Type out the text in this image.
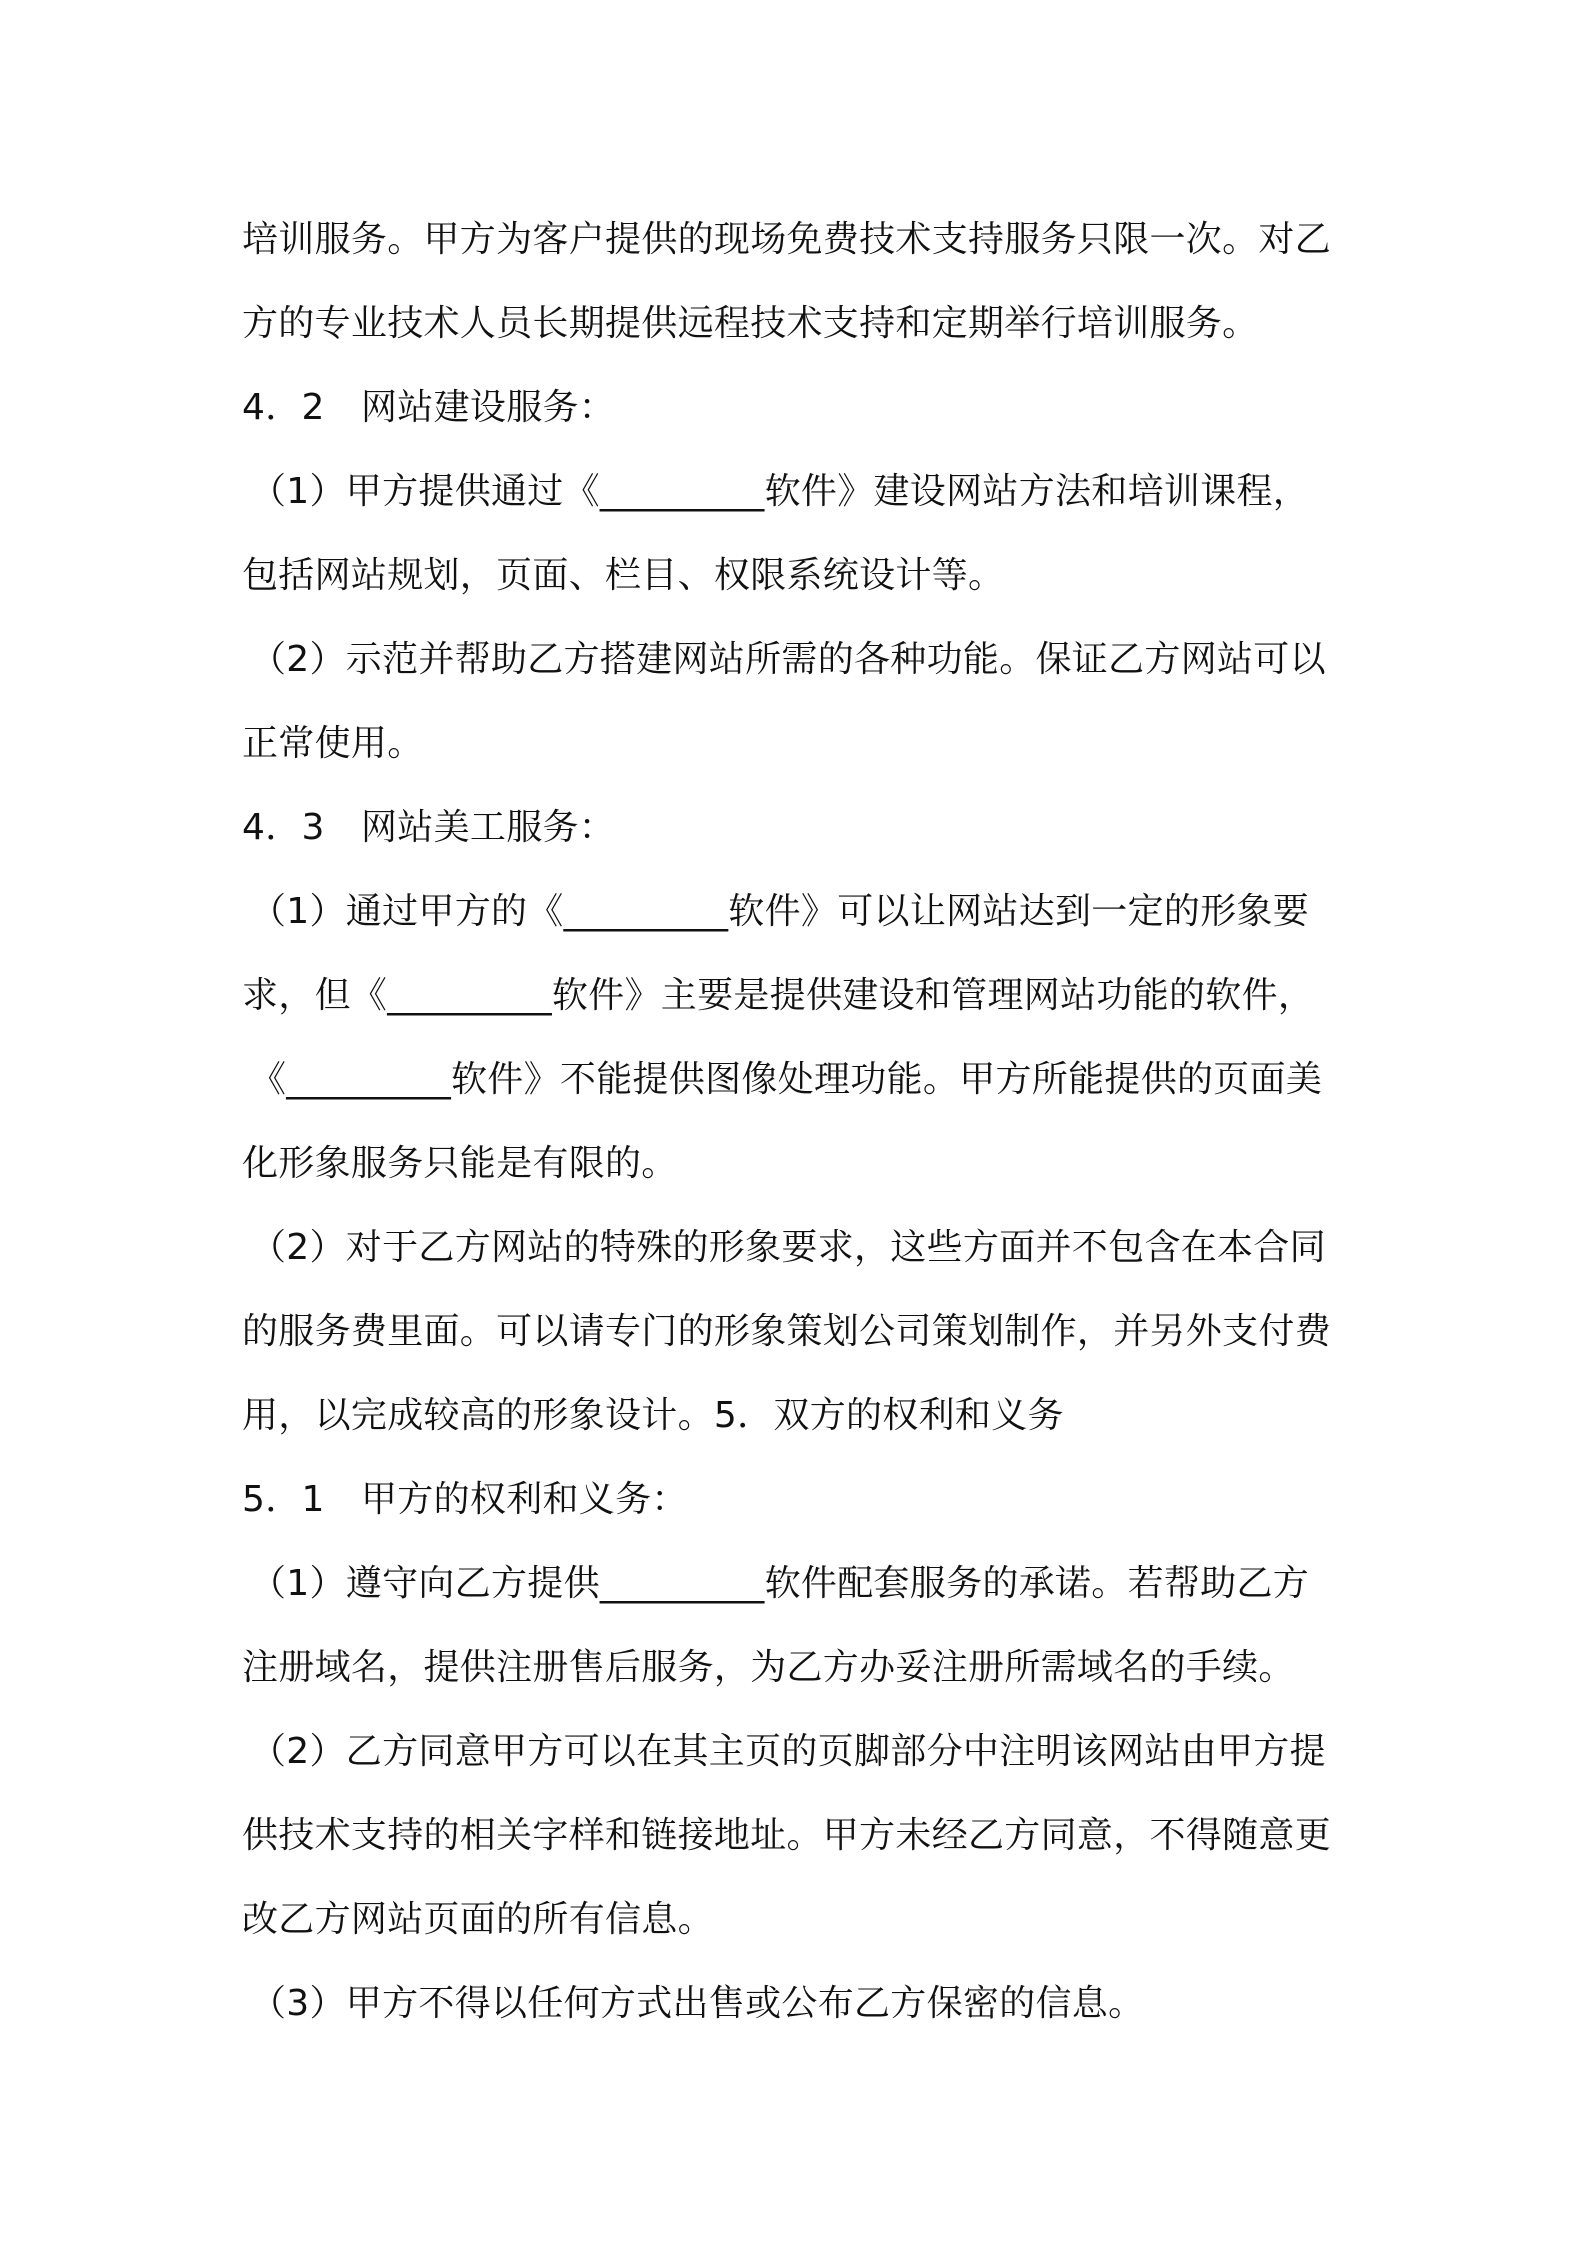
培训服务。甲方为客户提供的现场免费技术支持服务只限一次。对乙
方的专业技术人员长期提供远程技术支持和定期举行培训服务。
4．2　网站建设服务：
（1）甲方提供通过《_________软件》建设网站方法和培训课程，
包括网站规划，页面、栏目、权限系统设计等。
（2）示范并帮助乙方搭建网站所需的各种功能。保证乙方网站可以
正常使用。
4．3　网站美工服务：
（1）通过甲方的《_________软件》可以让网站达到一定的形象要
求，但《_________软件》主要是提供建设和管理网站功能的软件，
《_________软件》不能提供图像处理功能。甲方所能提供的页面美
化形象服务只能是有限的。
（2）对于乙方网站的特殊的形象要求，这些方面并不包含在本合同
的服务费里面。可以请专门的形象策划公司策划制作，并另外支付费
用，以完成较高的形象设计。5．双方的权利和义务
5．1　甲方的权利和义务：
（1）遵守向乙方提供_________软件配套服务的承诺。若帮助乙方
注册域名，提供注册售后服务，为乙方办妥注册所需域名的手续。
（2）乙方同意甲方可以在其主页的页脚部分中注明该网站由甲方提
供技术支持的相关字样和链接地址。甲方未经乙方同意，不得随意更
改乙方网站页面的所有信息。
（3）甲方不得以任何方式出售或公布乙方保密的信息。
